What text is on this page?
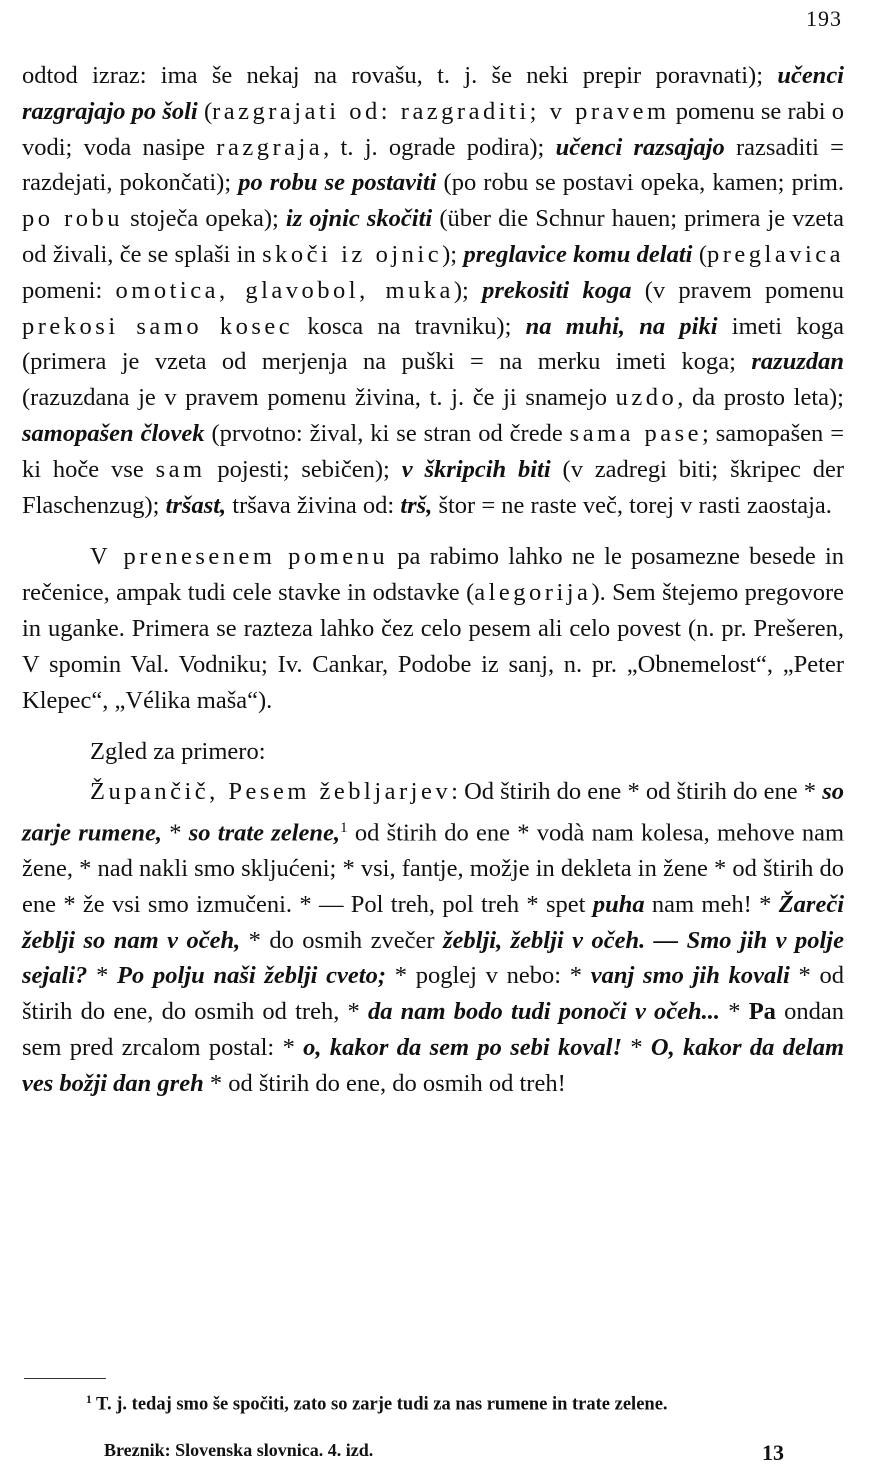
193

odtod izraz: ima še nekaj na rovašu, t. j. še neki prepir poravnati); učenci razgrajajo po šoli (razgrajati od: razgraditi; v pravem pomenu se rabi o vodi; voda nasipe razgraja, t. j. ograde podira); učenci razsajajo razsaditi = razdejati, pokončati); po robu se postaviti (po robu se postavi opeka, kamen; prim. po robu stoječa opeka); iz ojnic skočiti (über die Schnur hauen; primera je vzeta od živali, če se splaši in skoči iz ojnic); preglavice komu delati (preglavica pomeni: omotica, glavobol, muka); prekositi koga (v pravem pomenu prekosi samo kosec kosca na travniku); na muhi, na piki imeti koga (primera je vzeta od merjenja na puški = na merku imeti koga; razuzdan (razuzdana je v pravem pomenu živina, t. j. če ji snamejo uzdo, da prosto leta); samopašen človek (prvotno: žival, ki se stran od črede sama pase; samopašen = ki hoče vse sam pojesti; sebičen); v škripcih biti (v zadregi biti; škripec der Flaschenzug); tršast, tršava živina od: trš, štor = ne raste več, torej v rasti zaostaja.

V prenesenem pomenu pa rabimo lahko ne le posamezne besede in rečenice, ampak tudi cele stavke in odstavke (alegorija). Sem štejemo pregovore in uganke. Primera se razteza lahko čez celo pesem ali celo povest (n. pr. Prešeren, V spomin Val. Vodniku; Iv. Cankar, Podobe iz sanj, n. pr. „Obnemelost“, „Peter Klepec“, „Vélika maša“).

Zgled za primero:

Župančič, Pesem žebljarjev: Od štirih do ene * od štirih do ene * so zarje rumene, * so trate zelene,$^1$ od štirih do ene * vodà nam kolesa, mehove nam žene, * nad nakli smo skljućeni; * vsi, fantje, možje in dekleta in žene * od štirih do ene * že vsi smo izmučeni. * — Pol treh, pol treh * spet puha nam meh! * Žareči žeblji so nam v očeh, * do osmih zvečer žeblji, žeblji v očeh. — Smo jih v polje sejali? * Po polju naši žeblji cveto; * poglej v nebo: * vanj smo jih kovali * od štirih do ene, do osmih od treh, * da nam bodo tudi ponoči v očeh... * Pa ondan sem pred zrcalom postal: * o, kakor da sem po sebi koval! * O, kakor da delam ves božji dan greh * od štirih do ene, do osmih od treh!

$^1$ T. j. tedaj smo še spočiti, zato so zarje tudi za nas rumene in trate zelene.
Breznik: Slovenska slovnica. 4. izd.	13
